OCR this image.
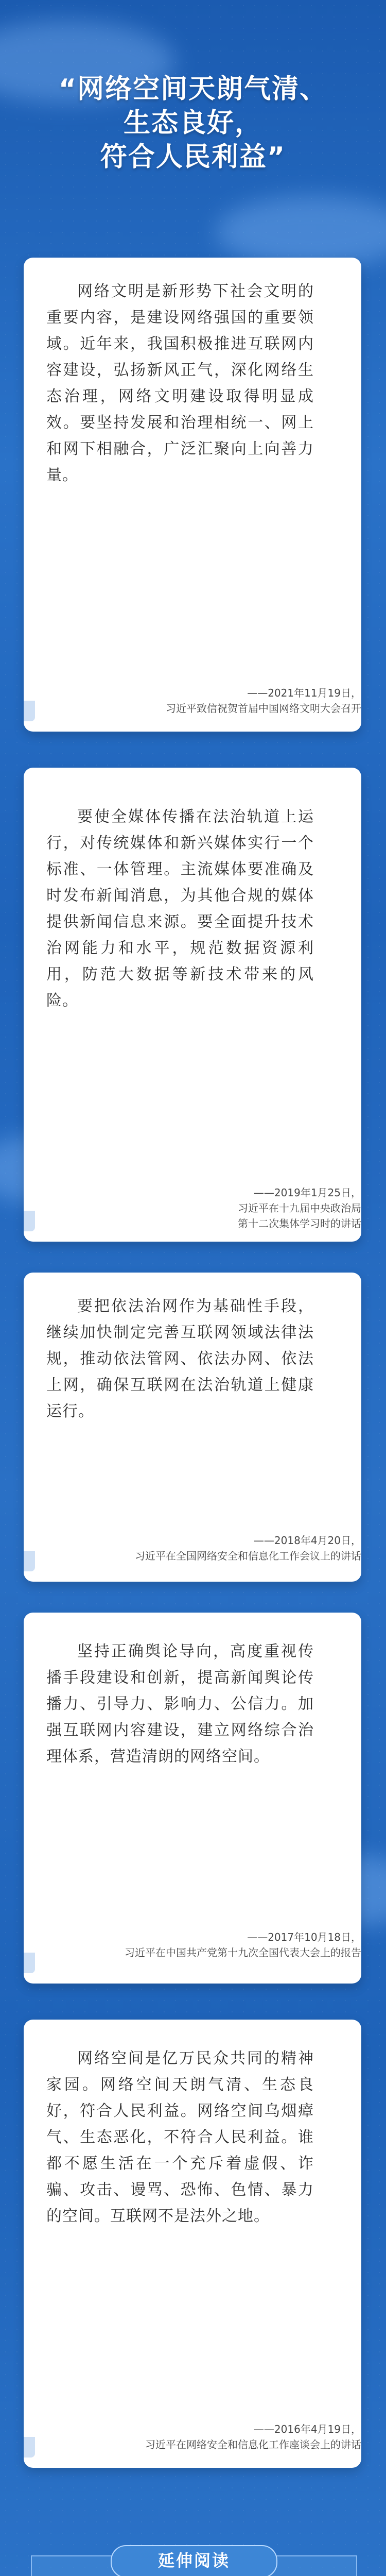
“网络空间天朗气清、
生态良好，
符合人民利益”
网络文明是新形势下社会文明的重要内容，是建设网络强国的重要领域。近年来，我国积极推进互联网内容建设，弘扬新风正气，深化网络生态治理，网络文明建设取得明显成效。要坚持发展和治理相统一、网上和网下相融合，广泛汇聚向上向善力量。
——2021年11月19日，
习近平致信祝贺首届中国网络文明大会召开
要使全媒体传播在法治轨道上运行，对传统媒体和新兴媒体实行一个标准、一体管理。主流媒体要准确及时发布新闻消息，为其他合规的媒体提供新闻信息来源。要全面提升技术治网能力和水平，规范数据资源利用，防范大数据等新技术带来的风险。
——2019年1月25日，
习近平在十九届中央政治局
第十二次集体学习时的讲话
要把依法治网作为基础性手段，继续加快制定完善互联网领域法律法规，推动依法管网、依法办网、依法上网，确保互联网在法治轨道上健康运行。
——2018年4月20日，
习近平在全国网络安全和信息化工作会议上的讲话
坚持正确舆论导向，高度重视传播手段建设和创新，提高新闻舆论传播力、引导力、影响力、公信力。加强互联网内容建设，建立网络综合治理体系，营造清朗的网络空间。
——2017年10月18日，
习近平在中国共产党第十九次全国代表大会上的报告
网络空间是亿万民众共同的精神家园。网络空间天朗气清、生态良好，符合人民利益。网络空间乌烟瘴气、生态恶化，不符合人民利益。谁都不愿生活在一个充斥着虚假、诈骗、攻击、谩骂、恐怖、色情、暴力的空间。互联网不是法外之地。
——2016年4月19日，
习近平在网络安全和信息化工作座谈会上的讲话
延伸阅读
